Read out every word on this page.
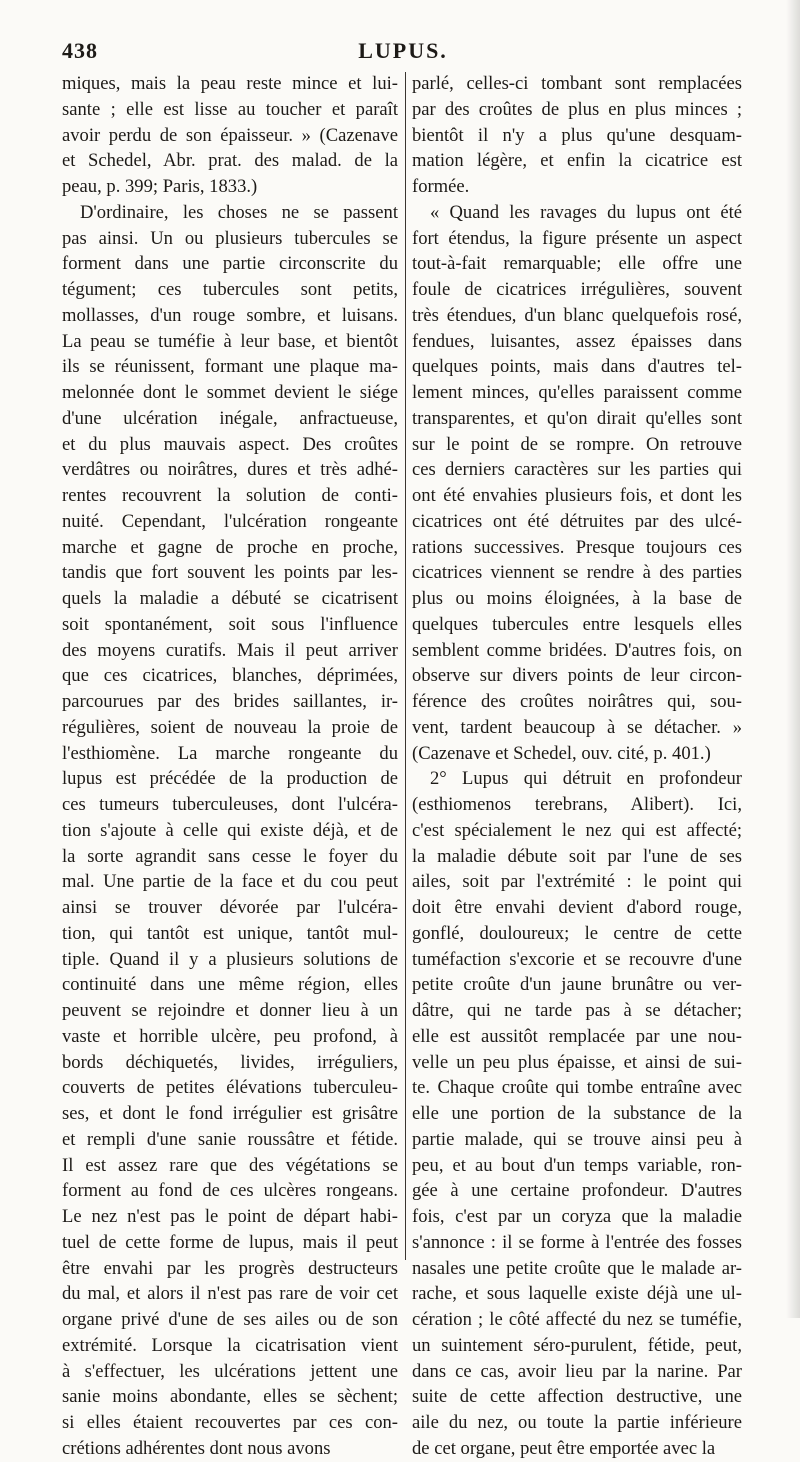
438	LUPUS.
miques, mais la peau reste mince et lui-
sante ; elle est lisse au toucher et paraît
avoir perdu de son épaisseur. » (Cazenave
et Schedel, Abr. prat. des malad. de la
peau, p. 399; Paris, 1833.)
D'ordinaire, les choses ne se passent
pas ainsi. Un ou plusieurs tubercules se
forment dans une partie circonscrite du
tégument; ces tubercules sont petits,
mollasses, d'un rouge sombre, et luisans.
La peau se tuméfie à leur base, et bientôt
ils se réunissent, formant une plaque ma-
melonnée dont le sommet devient le siége
d'une ulcération inégale, anfractueuse,
et du plus mauvais aspect. Des croûtes
verdâtres ou noirâtres, dures et très adhé-
rentes recouvrent la solution de conti-
nuité. Cependant, l'ulcération rongeante
marche et gagne de proche en proche,
tandis que fort souvent les points par les-
quels la maladie a débuté se cicatrisent
soit spontanément, soit sous l'influence
des moyens curatifs. Mais il peut arriver
que ces cicatrices, blanches, déprimées,
parcourues par des brides saillantes, ir-
régulières, soient de nouveau la proie de
l'esthiomène. La marche rongeante du
lupus est précédée de la production de
ces tumeurs tuberculeuses, dont l'ulcéra-
tion s'ajoute à celle qui existe déjà, et de
la sorte agrandit sans cesse le foyer du
mal. Une partie de la face et du cou peut
ainsi se trouver dévorée par l'ulcéra-
tion, qui tantôt est unique, tantôt mul-
tiple. Quand il y a plusieurs solutions de
continuité dans une même région, elles
peuvent se rejoindre et donner lieu à un
vaste et horrible ulcère, peu profond, à
bords déchiquetés, livides, irréguliers,
couverts de petites élévations tuberculeu-
ses, et dont le fond irrégulier est grisâtre
et rempli d'une sanie roussâtre et fétide.
Il est assez rare que des végétations se
forment au fond de ces ulcères rongeans.
Le nez n'est pas le point de départ habi-
tuel de cette forme de lupus, mais il peut
être envahi par les progrès destructeurs
du mal, et alors il n'est pas rare de voir cet
organe privé d'une de ses ailes ou de son
extrémité. Lorsque la cicatrisation vient
à s'effectuer, les ulcérations jettent une
sanie moins abondante, elles se sèchent;
si elles étaient recouvertes par ces con-
crétions adhérentes dont nous avons
parlé, celles-ci tombant sont remplacées
par des croûtes de plus en plus minces ;
bientôt il n'y a plus qu'une desquam-
mation légère, et enfin la cicatrice est
formée.
« Quand les ravages du lupus ont été
fort étendus, la figure présente un aspect
tout-à-fait remarquable; elle offre une
foule de cicatrices irrégulières, souvent
très étendues, d'un blanc quelquefois rosé,
fendues, luisantes, assez épaisses dans
quelques points, mais dans d'autres tel-
lement minces, qu'elles paraissent comme
transparentes, et qu'on dirait qu'elles sont
sur le point de se rompre. On retrouve
ces derniers caractères sur les parties qui
ont été envahies plusieurs fois, et dont les
cicatrices ont été détruites par des ulcé-
rations successives. Presque toujours ces
cicatrices viennent se rendre à des parties
plus ou moins éloignées, à la base de
quelques tubercules entre lesquels elles
semblent comme bridées. D'autres fois, on
observe sur divers points de leur circon-
férence des croûtes noirâtres qui, sou-
vent, tardent beaucoup à se détacher. »
(Cazenave et Schedel, ouv. cité, p. 401.)
2° Lupus qui détruit en profondeur
(esthiomenos terebrans, Alibert). Ici,
c'est spécialement le nez qui est affecté;
la maladie débute soit par l'une de ses
ailes, soit par l'extrémité : le point qui
doit être envahi devient d'abord rouge,
gonflé, douloureux; le centre de cette
tuméfaction s'excorie et se recouvre d'une
petite croûte d'un jaune brunâtre ou ver-
dâtre, qui ne tarde pas à se détacher;
elle est aussitôt remplacée par une nou-
velle un peu plus épaisse, et ainsi de sui-
te. Chaque croûte qui tombe entraîne avec
elle une portion de la substance de la
partie malade, qui se trouve ainsi peu à
peu, et au bout d'un temps variable, ron-
gée à une certaine profondeur. D'autres
fois, c'est par un coryza que la maladie
s'annonce : il se forme à l'entrée des fosses
nasales une petite croûte que le malade ar-
rache, et sous laquelle existe déjà une ul-
cération ; le côté affecté du nez se tuméfie,
un suintement séro-purulent, fétide, peut,
dans ce cas, avoir lieu par la narine. Par
suite de cette affection destructive, une
aile du nez, ou toute la partie inférieure
de cet organe, peut être emportée avec la
